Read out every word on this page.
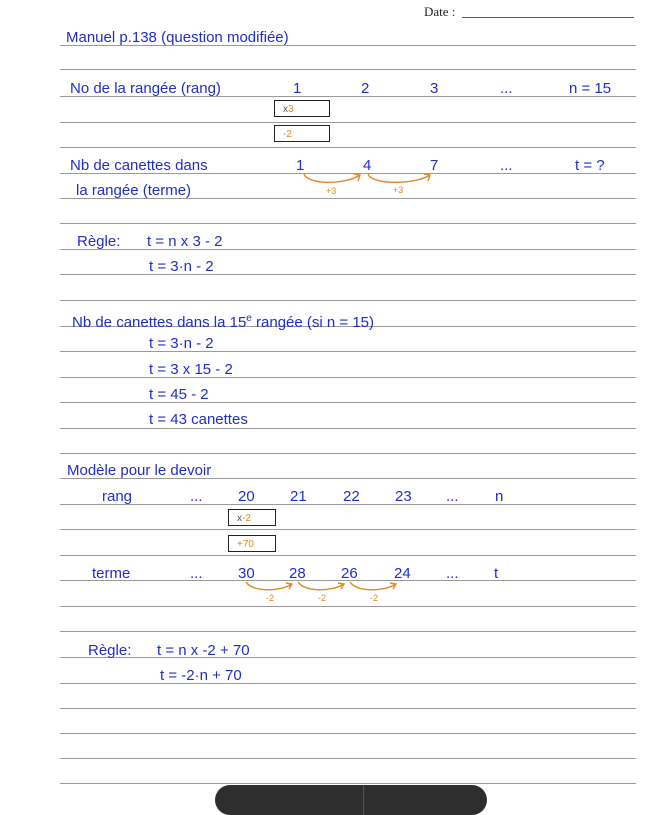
Date :
Manuel p.138 (question modifiée)
No de la rangée (rang)	1	2	3	...	n = 15
x3
-2
Nb de canettes dans
la rangée (terme)
1	4	7	...	t = ?
+3	+3
Règle: t = n x 3 - 2
t = 3·n - 2
Nb de canettes dans la 15e rangée (si n = 15)
t = 3·n - 2
t = 3 x 15 - 2
t = 45 - 2
t = 43 canettes
Modèle pour le devoir
rang	... 20 21 22 23 ... n
x-2
+70
terme	... 30 28 26 24 ... t
-2	-2	-2
Règle: t = n x -2 + 70
t = -2·n + 70
